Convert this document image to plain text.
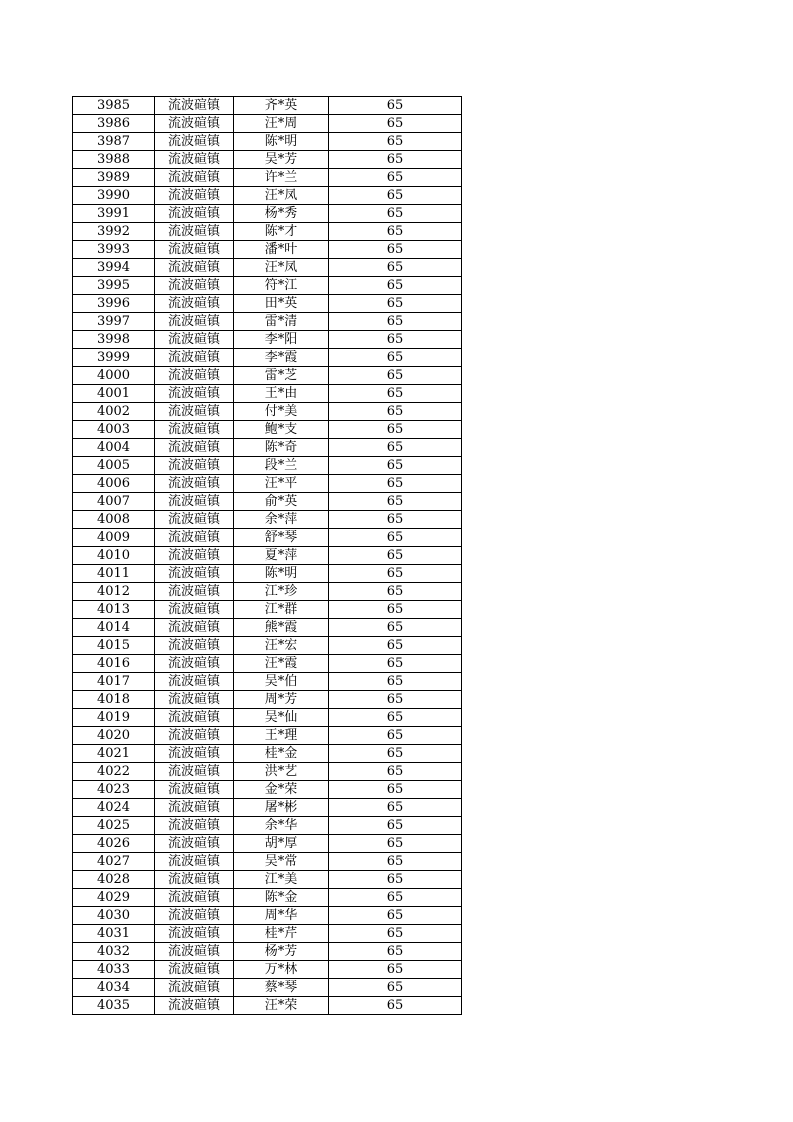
3985	流波碹镇	齐*英	65
3986	流波碹镇	汪*周	65
3987	流波碹镇	陈*明	65
3988	流波碹镇	吴*芳	65
3989	流波碹镇	许*兰	65
3990	流波碹镇	汪*凤	65
3991	流波碹镇	杨*秀	65
3992	流波碹镇	陈*才	65
3993	流波碹镇	潘*叶	65
3994	流波碹镇	汪*凤	65
3995	流波碹镇	符*江	65
3996	流波碹镇	田*英	65
3997	流波碹镇	雷*清	65
3998	流波碹镇	李*阳	65
3999	流波碹镇	李*霞	65
4000	流波碹镇	雷*芝	65
4001	流波碹镇	王*由	65
4002	流波碹镇	付*美	65
4003	流波碹镇	鲍*支	65
4004	流波碹镇	陈*奇	65
4005	流波碹镇	段*兰	65
4006	流波碹镇	汪*平	65
4007	流波碹镇	俞*英	65
4008	流波碹镇	余*萍	65
4009	流波碹镇	舒*琴	65
4010	流波碹镇	夏*萍	65
4011	流波碹镇	陈*明	65
4012	流波碹镇	江*珍	65
4013	流波碹镇	江*群	65
4014	流波碹镇	熊*霞	65
4015	流波碹镇	汪*宏	65
4016	流波碹镇	汪*霞	65
4017	流波碹镇	吴*伯	65
4018	流波碹镇	周*芳	65
4019	流波碹镇	吴*仙	65
4020	流波碹镇	王*理	65
4021	流波碹镇	桂*金	65
4022	流波碹镇	洪*艺	65
4023	流波碹镇	金*荣	65
4024	流波碹镇	屠*彬	65
4025	流波碹镇	余*华	65
4026	流波碹镇	胡*厚	65
4027	流波碹镇	吴*常	65
4028	流波碹镇	江*美	65
4029	流波碹镇	陈*金	65
4030	流波碹镇	周*华	65
4031	流波碹镇	桂*芹	65
4032	流波碹镇	杨*芳	65
4033	流波碹镇	万*林	65
4034	流波碹镇	蔡*琴	65
4035	流波碹镇	汪*荣	65
